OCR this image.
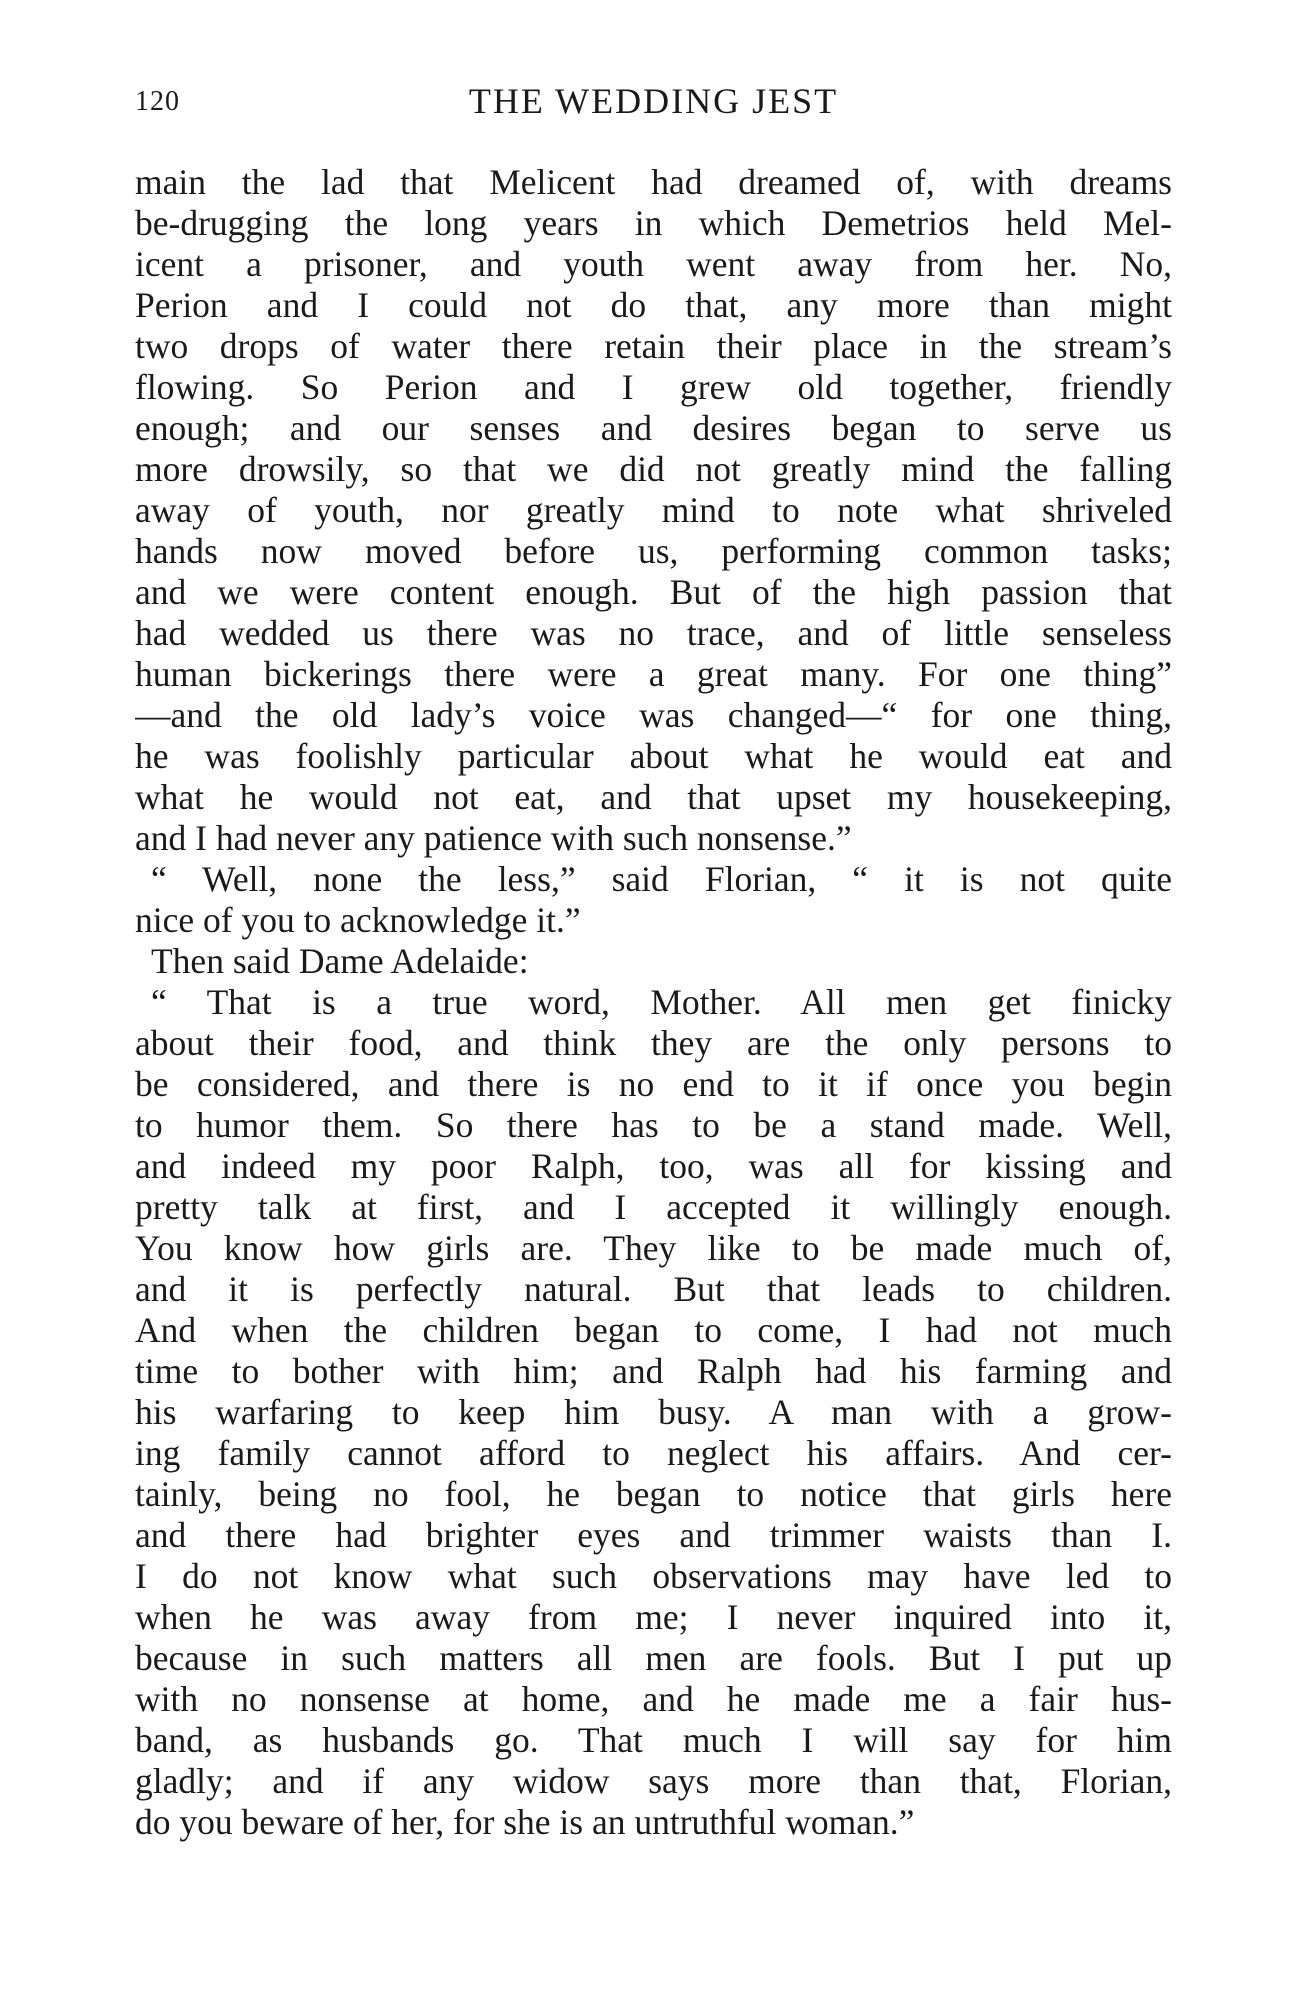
120	THE WEDDING JEST
main the lad that Melicent had dreamed of, with dreams
be-drugging the long years in which Demetrios held Mel-
icent a prisoner, and youth went away from her. No,
Perion and I could not do that, any more than might
two drops of water there retain their place in the stream’s
flowing. So Perion and I grew old together, friendly
enough; and our senses and desires began to serve us
more drowsily, so that we did not greatly mind the falling
away of youth, nor greatly mind to note what shriveled
hands now moved before us, performing common tasks;
and we were content enough. But of the high passion that
had wedded us there was no trace, and of little senseless
human bickerings there were a great many. For one thing”
—and the old lady’s voice was changed—“ for one thing,
he was foolishly particular about what he would eat and
what he would not eat, and that upset my housekeeping,
and I had never any patience with such nonsense.”
“ Well, none the less,” said Florian, “ it is not quite
nice of you to acknowledge it.”
Then said Dame Adelaide:
“ That is a true word, Mother. All men get finicky
about their food, and think they are the only persons to
be considered, and there is no end to it if once you begin
to humor them. So there has to be a stand made. Well,
and indeed my poor Ralph, too, was all for kissing and
pretty talk at first, and I accepted it willingly enough.
You know how girls are. They like to be made much of,
and it is perfectly natural. But that leads to children.
And when the children began to come, I had not much
time to bother with him; and Ralph had his farming and
his warfaring to keep him busy. A man with a grow-
ing family cannot afford to neglect his affairs. And cer-
tainly, being no fool, he began to notice that girls here
and there had brighter eyes and trimmer waists than I.
I do not know what such observations may have led to
when he was away from me; I never inquired into it,
because in such matters all men are fools. But I put up
with no nonsense at home, and he made me a fair hus-
band, as husbands go. That much I will say for him
gladly; and if any widow says more than that, Florian,
do you beware of her, for she is an untruthful woman.”
